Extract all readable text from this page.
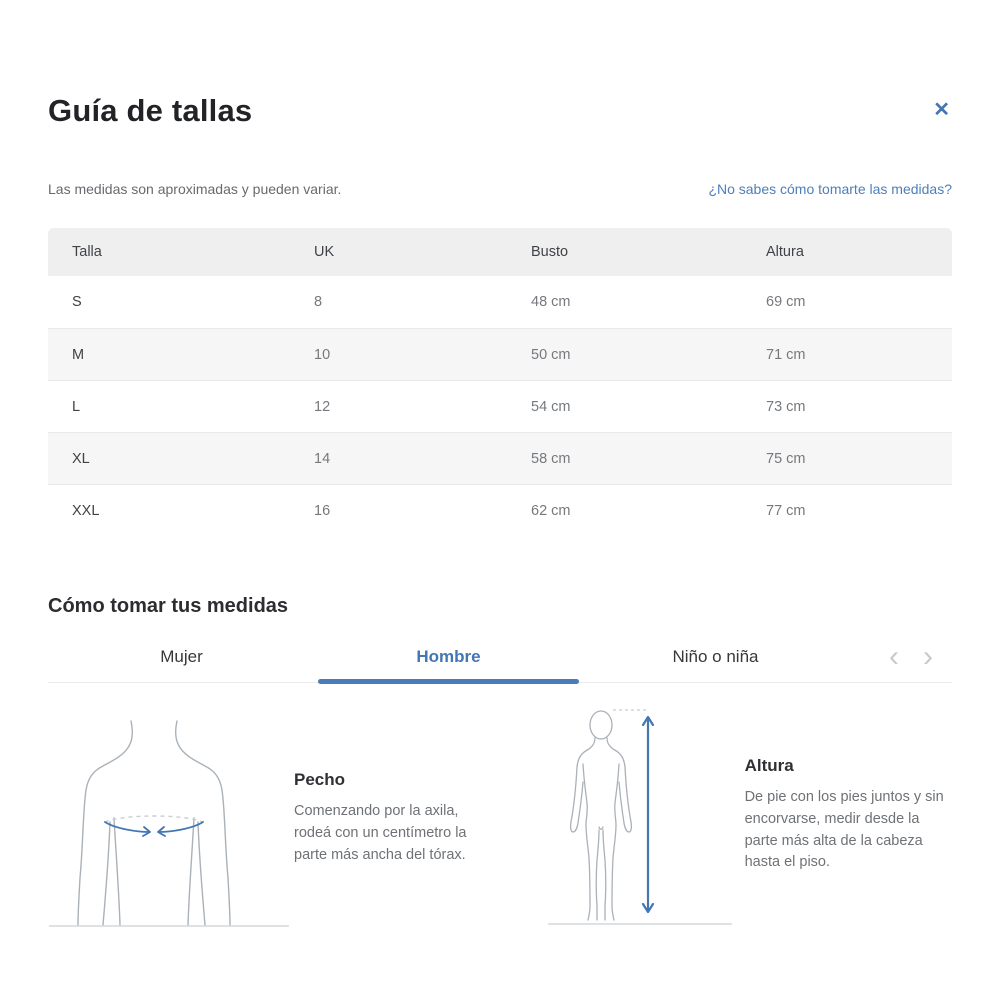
Guía de tallas	✕
Las medidas son aproximadas y pueden variar.	¿No sabes cómo tomarte las medidas?
Talla	UK	Busto	Altura
S	8	48 cm	69 cm
M	10	50 cm	71 cm
L	12	54 cm	73 cm
XL	14	58 cm	75 cm
XXL	16	62 cm	77 cm
Cómo tomar tus medidas
Mujer	Hombre	Niño o niña	‹ ›
Pecho

Comenzando por la axila, rodeá con un centímetro la parte más ancha del tórax.

Altura

De pie con los pies juntos y sin encorvarse, medir desde la parte más alta de la cabeza hasta el piso.
